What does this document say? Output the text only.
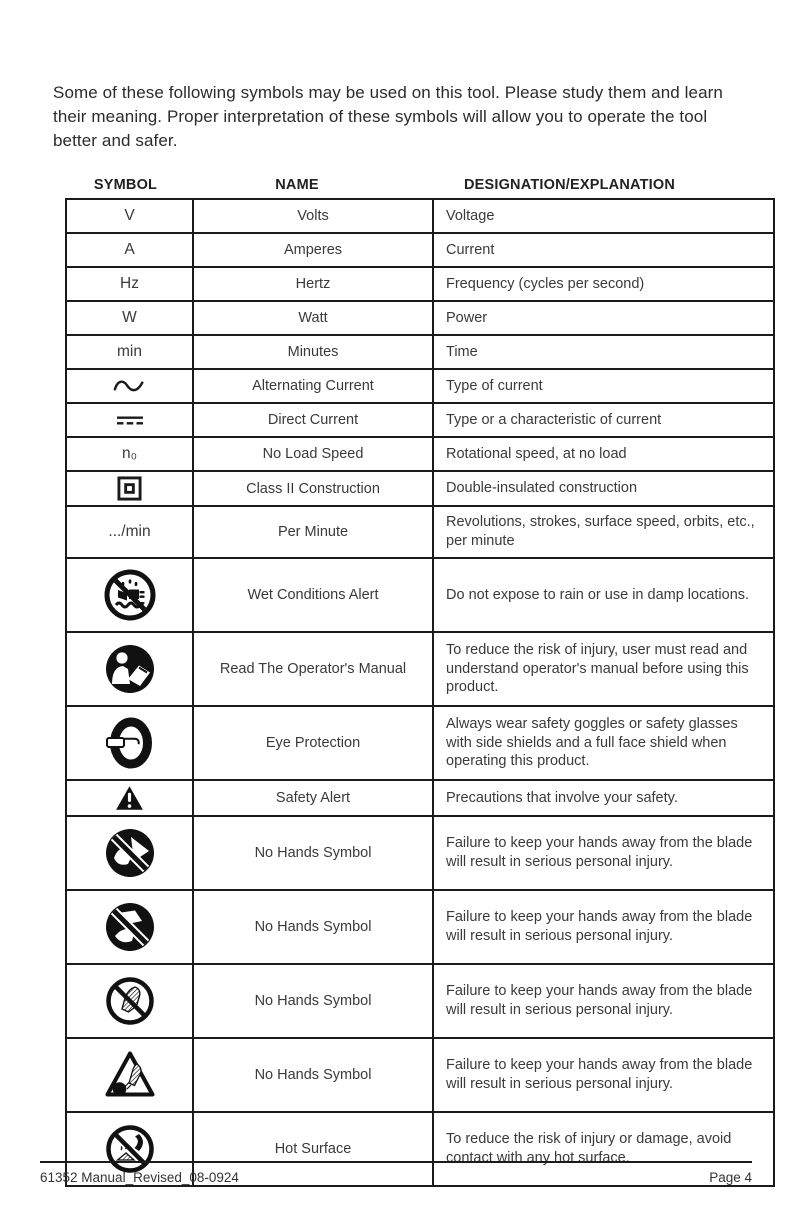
Some of these following symbols may be used on this tool. Please study them and learn their meaning. Proper interpretation of these symbols will allow you to operate the tool better and safer.

SYMBOL	NAME	DESIGNATION/EXPLANATION
V	Volts	Voltage
A	Amperes	Current
Hz	Hertz	Frequency (cycles per second)
W	Watt	Power
min	Minutes	Time

	Alternating Current	Type of current

	Direct Current	Type or a characteristic of current
n₀	No Load Speed	Rotational speed, at no load

	Class II Construction	Double-insulated construction
.../min	Per Minute	Revolutions, strokes, surface speed, orbits, etc., per minute

	Wet Conditions Alert	Do not expose to rain or use in damp locations.

	Read The Operator's Manual	To reduce the risk of injury, user must read and understand operator's manual before using this product.

	Eye Protection	Always wear safety goggles or safety glasses with side shields and a full face shield when operating this product.

	Safety Alert	Precautions that involve your safety.

	No Hands Symbol	Failure to keep your hands away from the blade will result in serious personal injury.

	No Hands Symbol	Failure to keep your hands away from the blade will result in serious personal injury.

	No Hands Symbol	Failure to keep your hands away from the blade will result in serious personal injury.

	No Hands Symbol	Failure to keep your hands away from the blade will result in serious personal injury.

	Hot Surface	To reduce the risk of injury or damage, avoid contact with any hot surface.
61352 Manual_Revised_08-0924	Page 4
